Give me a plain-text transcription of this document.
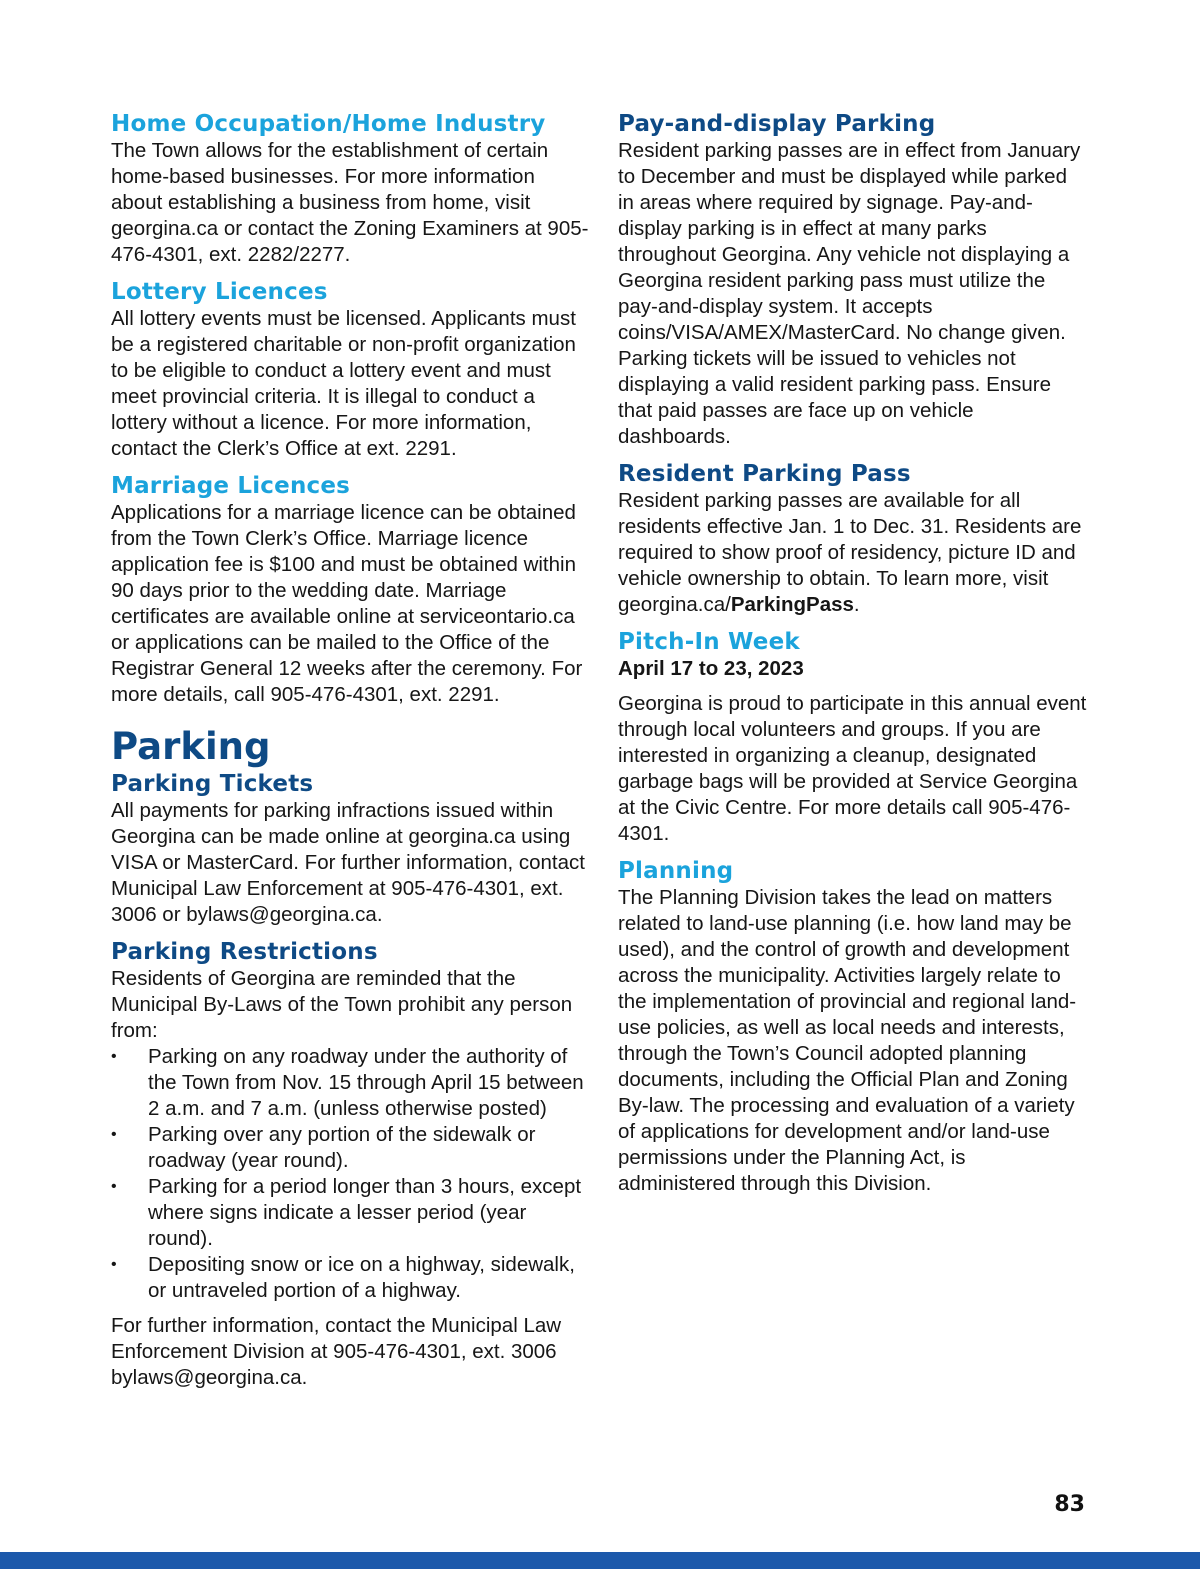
Home Occupation/Home Industry

The Town allows for the establishment of certain home-based businesses. For more information about establishing a business from home, visit georgina.ca or contact the Zoning Examiners at 905-476-4301, ext. 2282/2277.

Lottery Licences

All lottery events must be licensed. Applicants must be a registered charitable or non-profit organization to be eligible to conduct a lottery event and must meet provincial criteria. It is illegal to conduct a lottery without a licence. For more information, contact the Clerk’s Office at ext. 2291.

Marriage Licences

Applications for a marriage licence can be obtained from the Town Clerk’s Office. Marriage licence application fee is $100 and must be obtained within 90 days prior to the wedding date. Marriage certificates are available online at serviceontario.ca or applications can be mailed to the Office of the Registrar General 12 weeks after the ceremony. For more details, call 905-476-4301, ext. 2291.

Parking
Parking Tickets

All payments for parking infractions issued within Georgina can be made online at georgina.ca using VISA or MasterCard. For further information, contact Municipal Law Enforcement at 905-476-4301, ext. 3006 or bylaws@georgina.ca.

Parking Restrictions

Residents of Georgina are reminded that the Municipal By-Laws of the Town prohibit any person from:

• Parking on any roadway under the authority of the Town from Nov. 15 through April 15 between 2 a.m. and 7 a.m. (unless otherwise posted)
• Parking over any portion of the sidewalk or roadway (year round).
• Parking for a period longer than 3 hours, except where signs indicate a lesser period (year round).
• Depositing snow or ice on a highway, sidewalk, or untraveled portion of a highway.

For further information, contact the Municipal Law Enforcement Division at 905-476-4301, ext. 3006 bylaws@georgina.ca.

Pay-and-display Parking

Resident parking passes are in effect from January to December and must be displayed while parked in areas where required by signage. Pay-and-display parking is in effect at many parks throughout Georgina. Any vehicle not displaying a Georgina resident parking pass must utilize the pay-and-display system. It accepts coins/VISA/AMEX/MasterCard. No change given. Parking tickets will be issued to vehicles not displaying a valid resident parking pass. Ensure that paid passes are face up on vehicle dashboards.

Resident Parking Pass

Resident parking passes are available for all residents effective Jan. 1 to Dec. 31. Residents are required to show proof of residency, picture ID and vehicle ownership to obtain. To learn more, visit georgina.ca/ParkingPass.

Pitch-In Week

April 17 to 23, 2023

Georgina is proud to participate in this annual event through local volunteers and groups. If you are interested in organizing a cleanup, designated garbage bags will be provided at Service Georgina at the Civic Centre. For more details call 905-476-4301.

Planning

The Planning Division takes the lead on matters related to land-use planning (i.e. how land may be used), and the control of growth and development across the municipality. Activities largely relate to the implementation of provincial and regional land-use policies, as well as local needs and interests, through the Town’s Council adopted planning documents, including the Official Plan and Zoning By-law. The processing and evaluation of a variety of applications for development and/or land-use permissions under the Planning Act, is administered through this Division.

83
